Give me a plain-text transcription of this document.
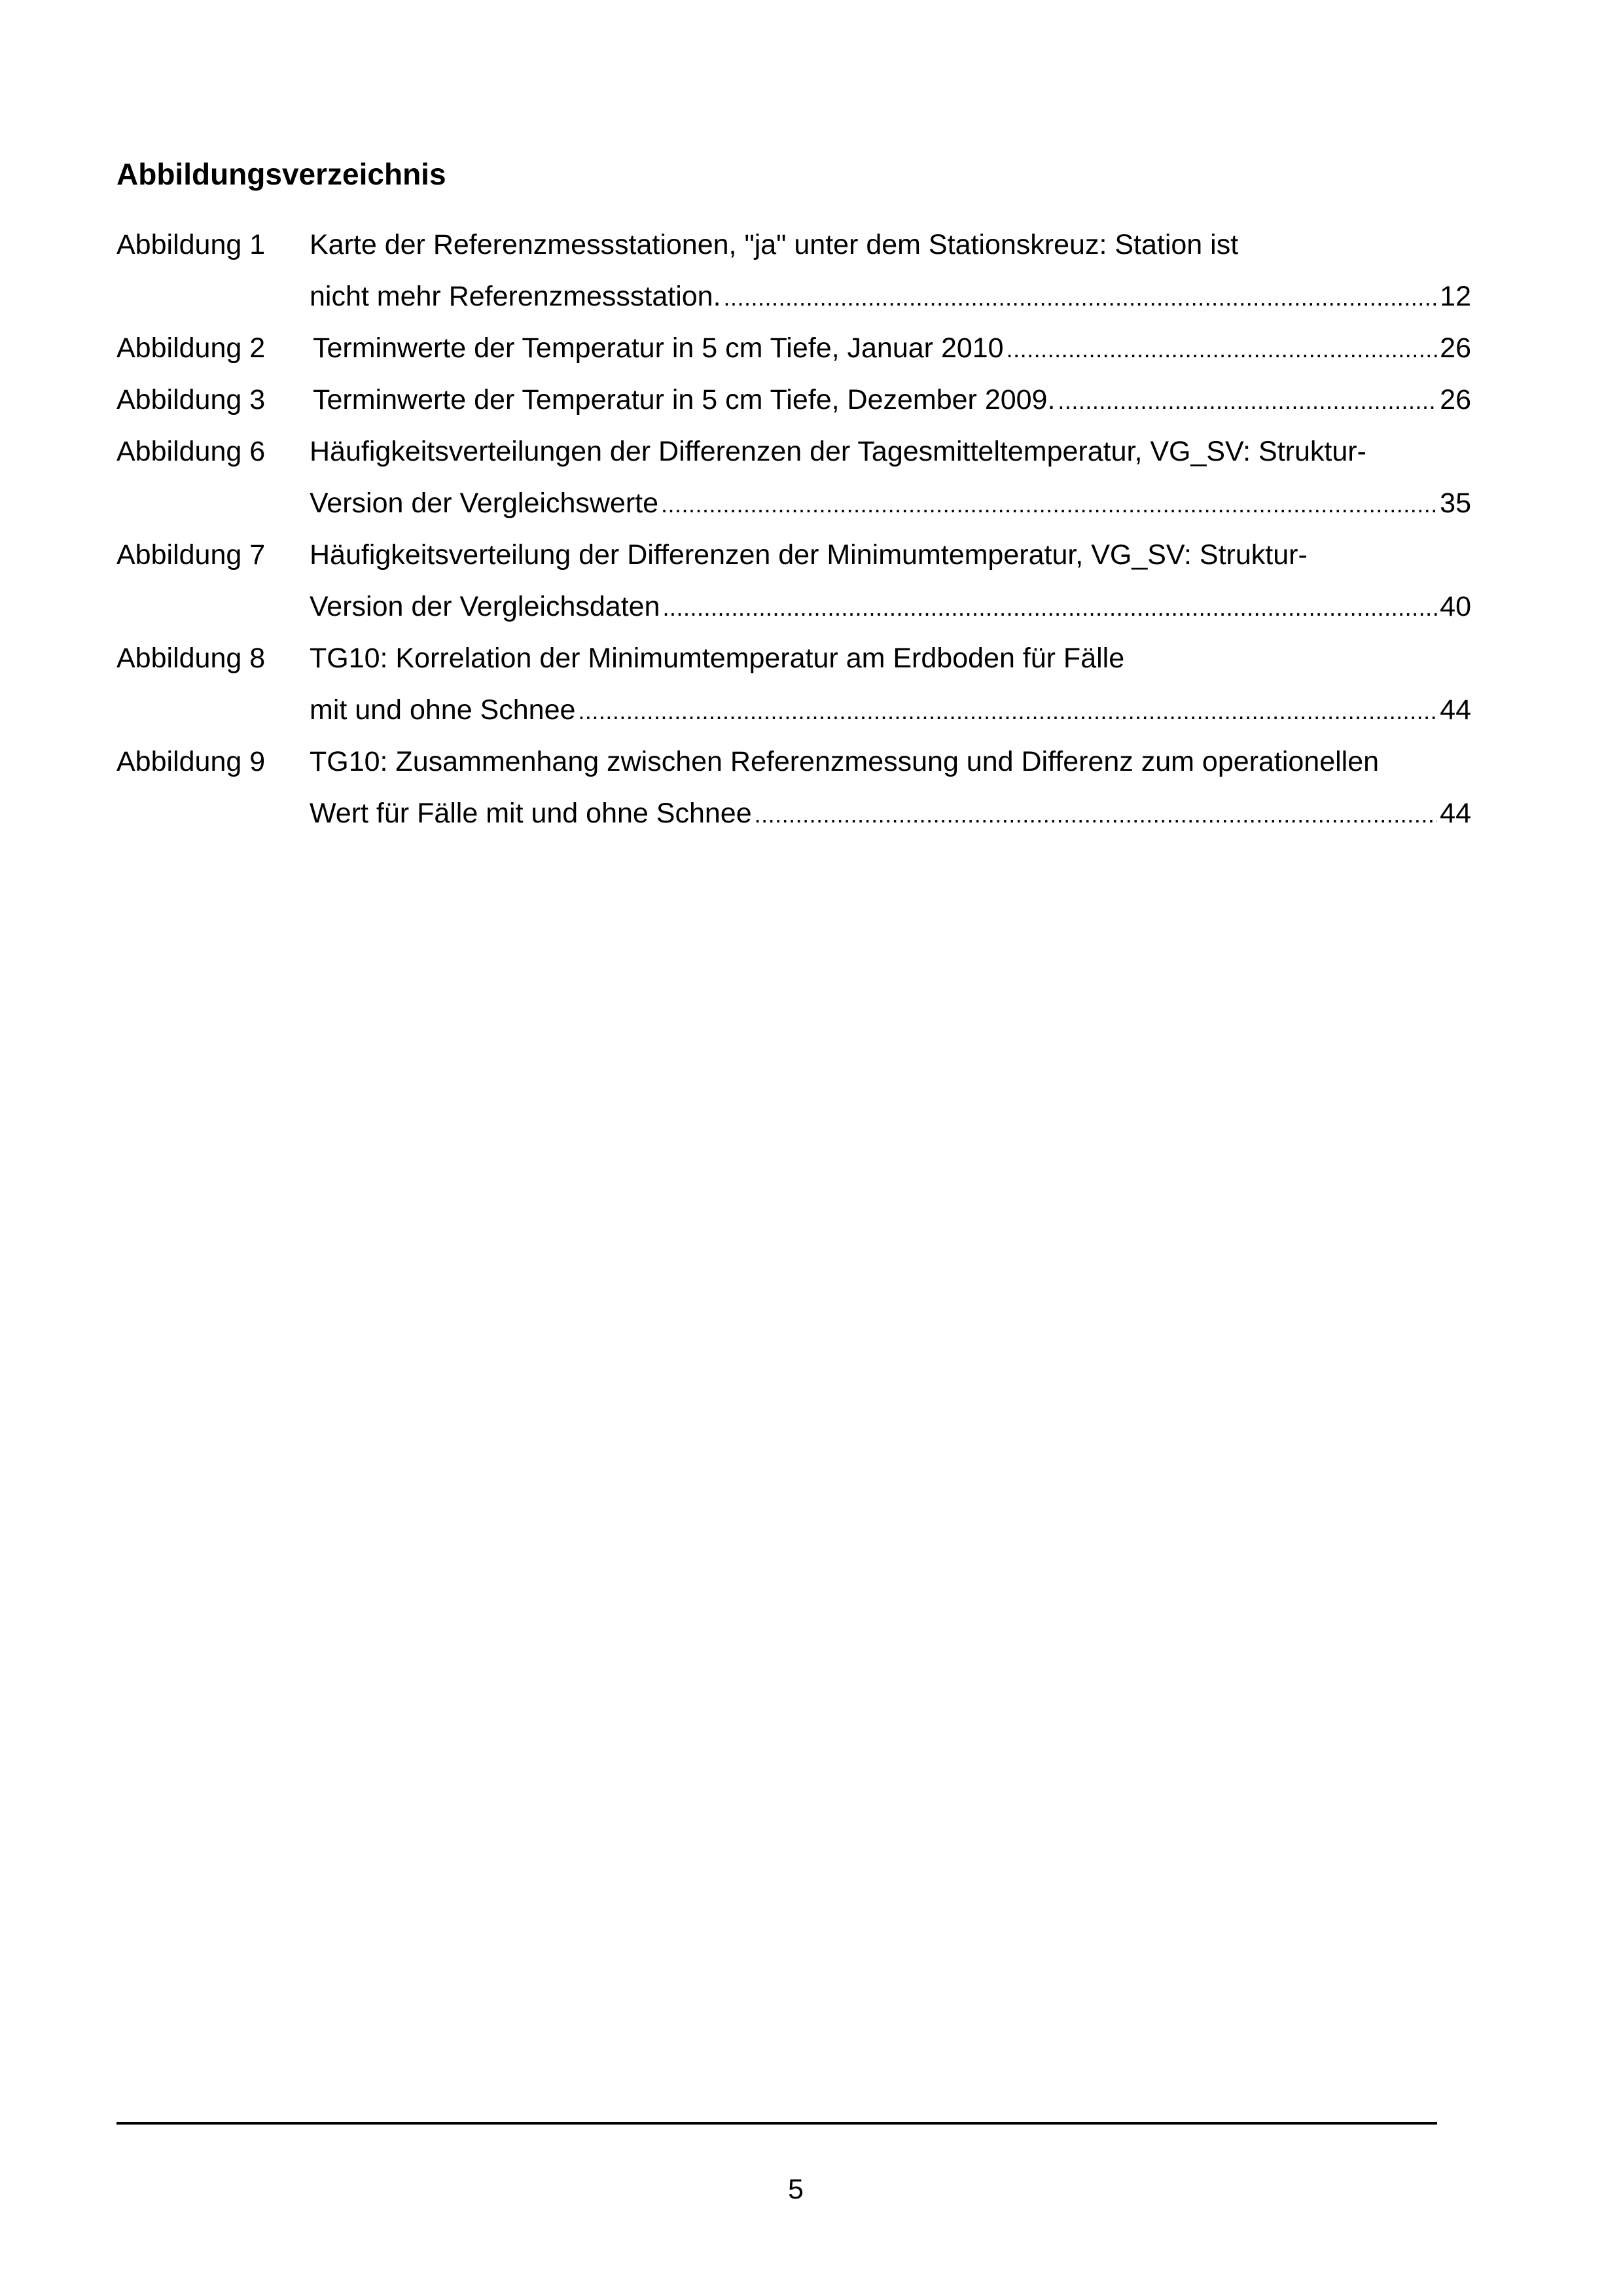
Abbildungsverzeichnis
Abbildung 1 Karte der Referenzmessstationen, "ja" unter dem Stationskreuz: Station ist
nicht mehr Referenzmessstation. .....	12
Abbildung 2 Terminwerte der Temperatur in 5 cm Tiefe, Januar 2010 .....	26
Abbildung 3 Terminwerte der Temperatur in 5 cm Tiefe, Dezember 2009. .....	26
Abbildung 6 Häufigkeitsverteilungen der Differenzen der Tagesmitteltemperatur, VG_SV: Struktur-
Version der Vergleichswerte .....	35
Abbildung 7 Häufigkeitsverteilung der Differenzen der Minimumtemperatur, VG_SV: Struktur-
Version der Vergleichsdaten .....	40
Abbildung 8 TG10: Korrelation der Minimumtemperatur am Erdboden für Fälle
mit und ohne Schnee .....	44
Abbildung 9 TG10: Zusammenhang zwischen Referenzmessung und Differenz zum operationellen
Wert für Fälle mit und ohne Schnee .....	44
5
